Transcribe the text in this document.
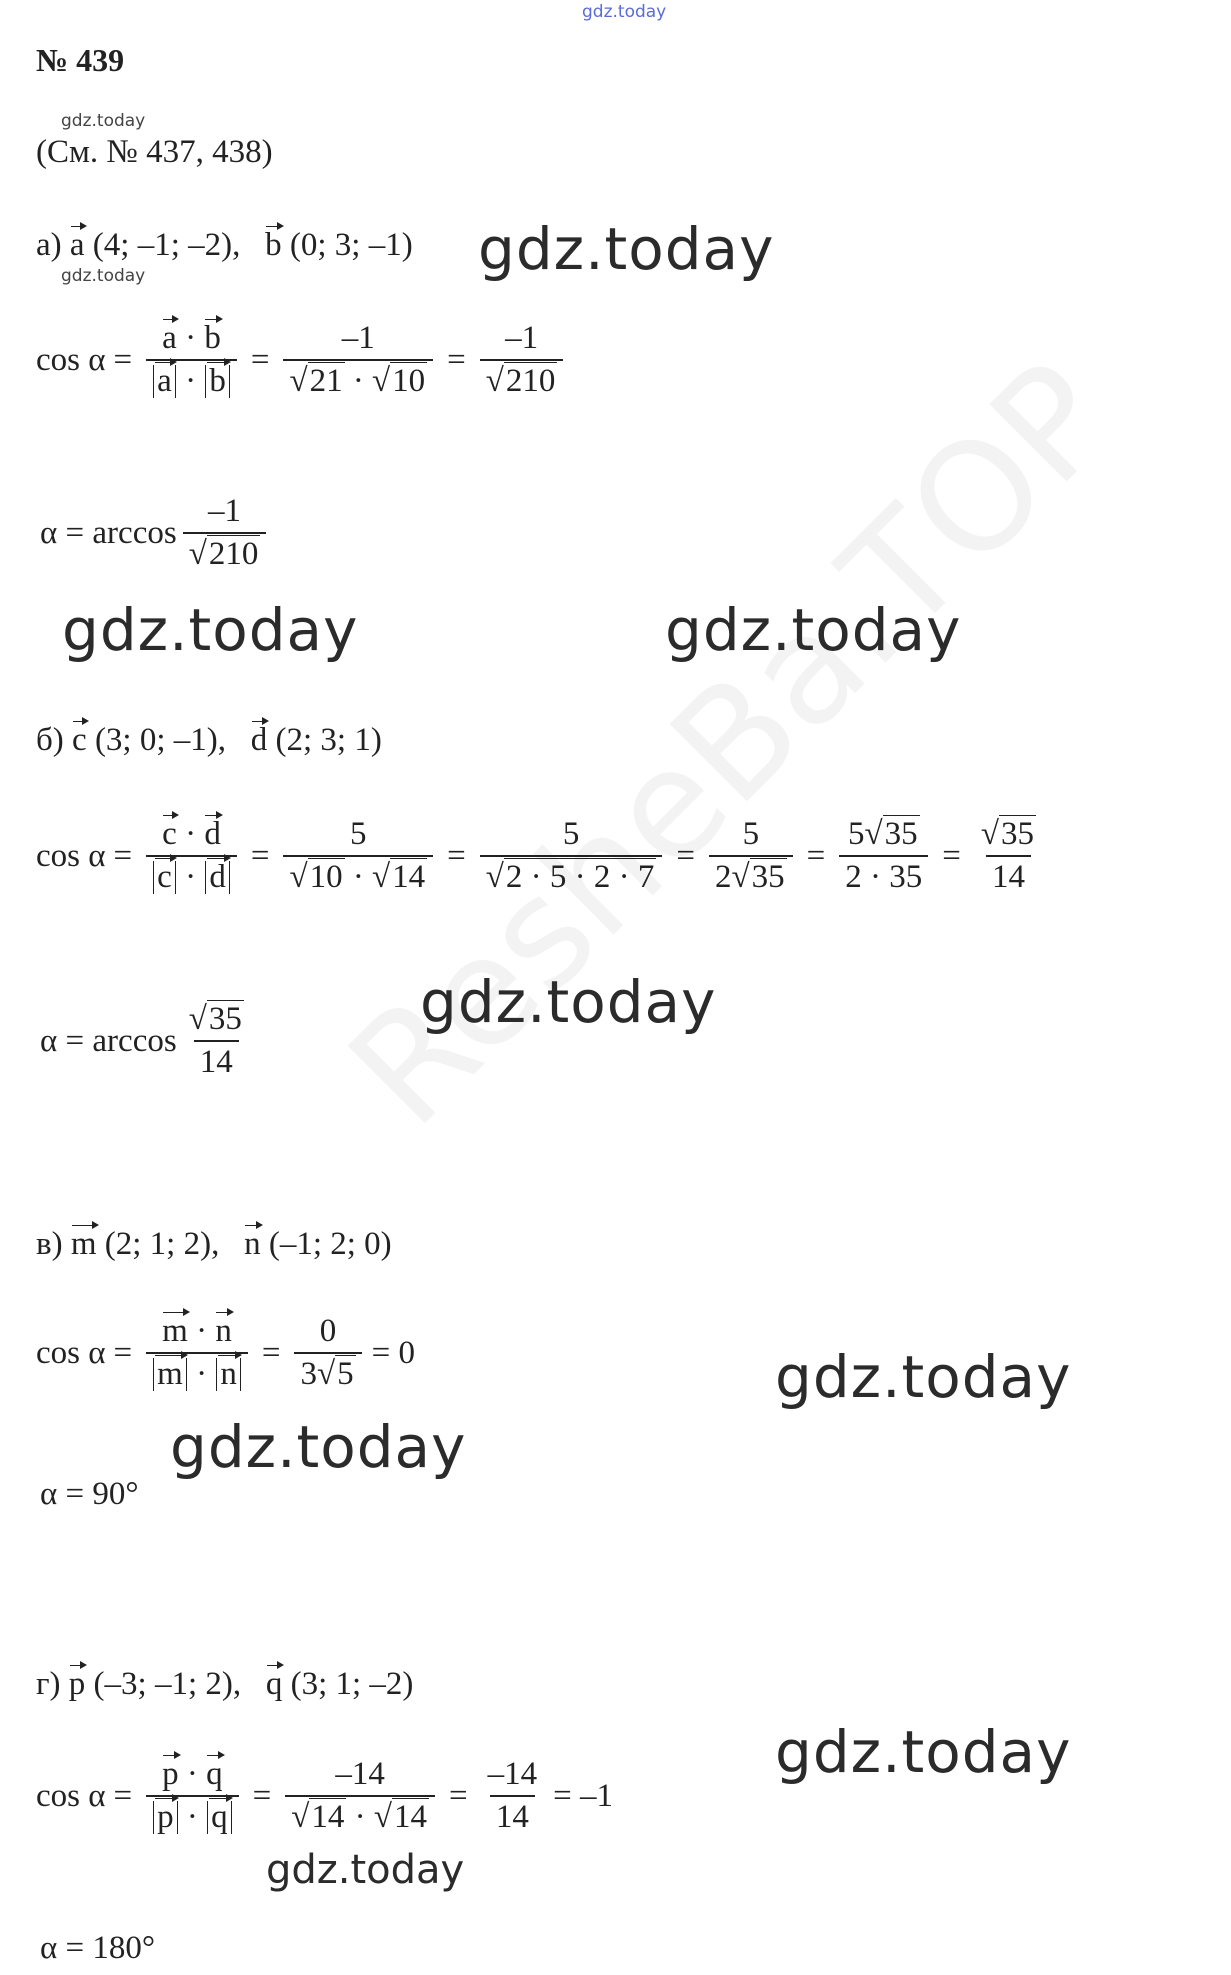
gdz.today
gdz.today
gdz.today	gdz.today
gdz.today	gdz.today
gdz.today
gdz.today
gdz.today
gdz.today
gdz.today
№ 439
(См. № 437, 438)
а) a (4; –1; –2), b (0; 3; –1)
$\cos \alpha = \frac{a \cdot b}{a \cdot b} = \frac{-1}{√21 \cdot √10} = \frac{-1}{√210}$
α
= $\arccos \frac{-1}{√210}$
б) c (3; 0; –1), d (2; 3; 1)
$\cos \alpha = \frac{c \cdot d}{c \cdot d} = \frac{5}{√10 \cdot √14} = \frac{5}{√2 \cdot 5 \cdot 2 \cdot 7} = \frac{5}{2√35} = \frac{5√35}{2 \cdot 35} = \frac{√35}{14}$
α
= $\arccos \frac{√35}{14}$
в) m (2; 1; 2), n (–1; 2; 0)
$\cos \alpha = \frac{m \cdot n}{m \cdot n} = \frac{0}{3√5} = 0$
α = 90°
г) p (–3; –1; 2), q (3; 1; –2)
$\cos \alpha = \frac{p \cdot q}{p \cdot q} = \frac{-14}{√14 \cdot √14} = \frac{-14}{14} = -1$
α = 180°
